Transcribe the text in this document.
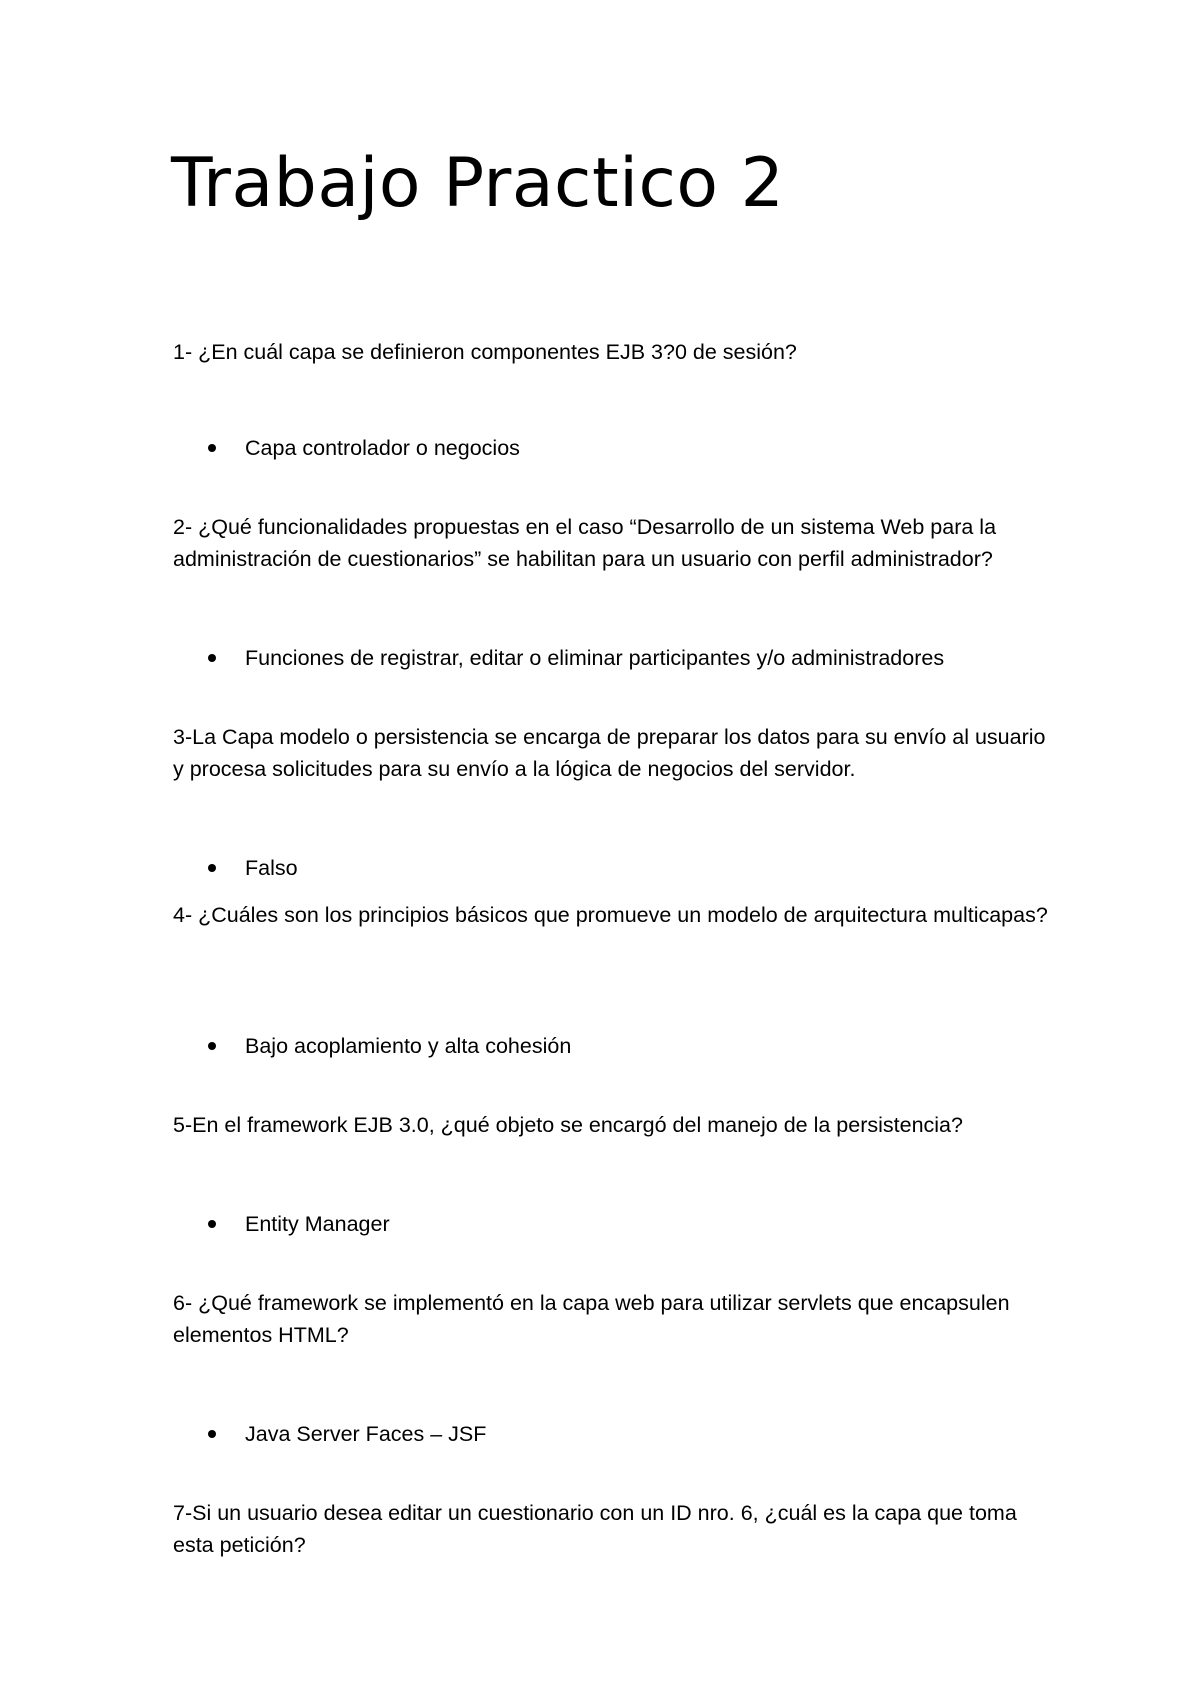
Trabajo Practico 2

1- ¿En cuál capa se definieron componentes EJB 3?0 de sesión?

Capa controlador o negocios

2- ¿Qué funcionalidades propuestas en el caso “Desarrollo de un sistema Web para la administración de cuestionarios” se habilitan para un usuario con perfil administrador?

Funciones de registrar, editar o eliminar participantes y/o administradores

3-La Capa modelo o persistencia se encarga de preparar los datos para su envío al usuario y procesa solicitudes para su envío a la lógica de negocios del servidor.

Falso

4- ¿Cuáles son los principios básicos que promueve un modelo de arquitectura multicapas?

Bajo acoplamiento y alta cohesión

5-En el framework EJB 3.0, ¿qué objeto se encargó del manejo de la persistencia?

Entity Manager

6- ¿Qué framework se implementó en la capa web para utilizar servlets que encapsulen elementos HTML?

Java Server Faces – JSF

7-Si un usuario desea editar un cuestionario con un ID nro. 6, ¿cuál es la capa que toma esta petición?
